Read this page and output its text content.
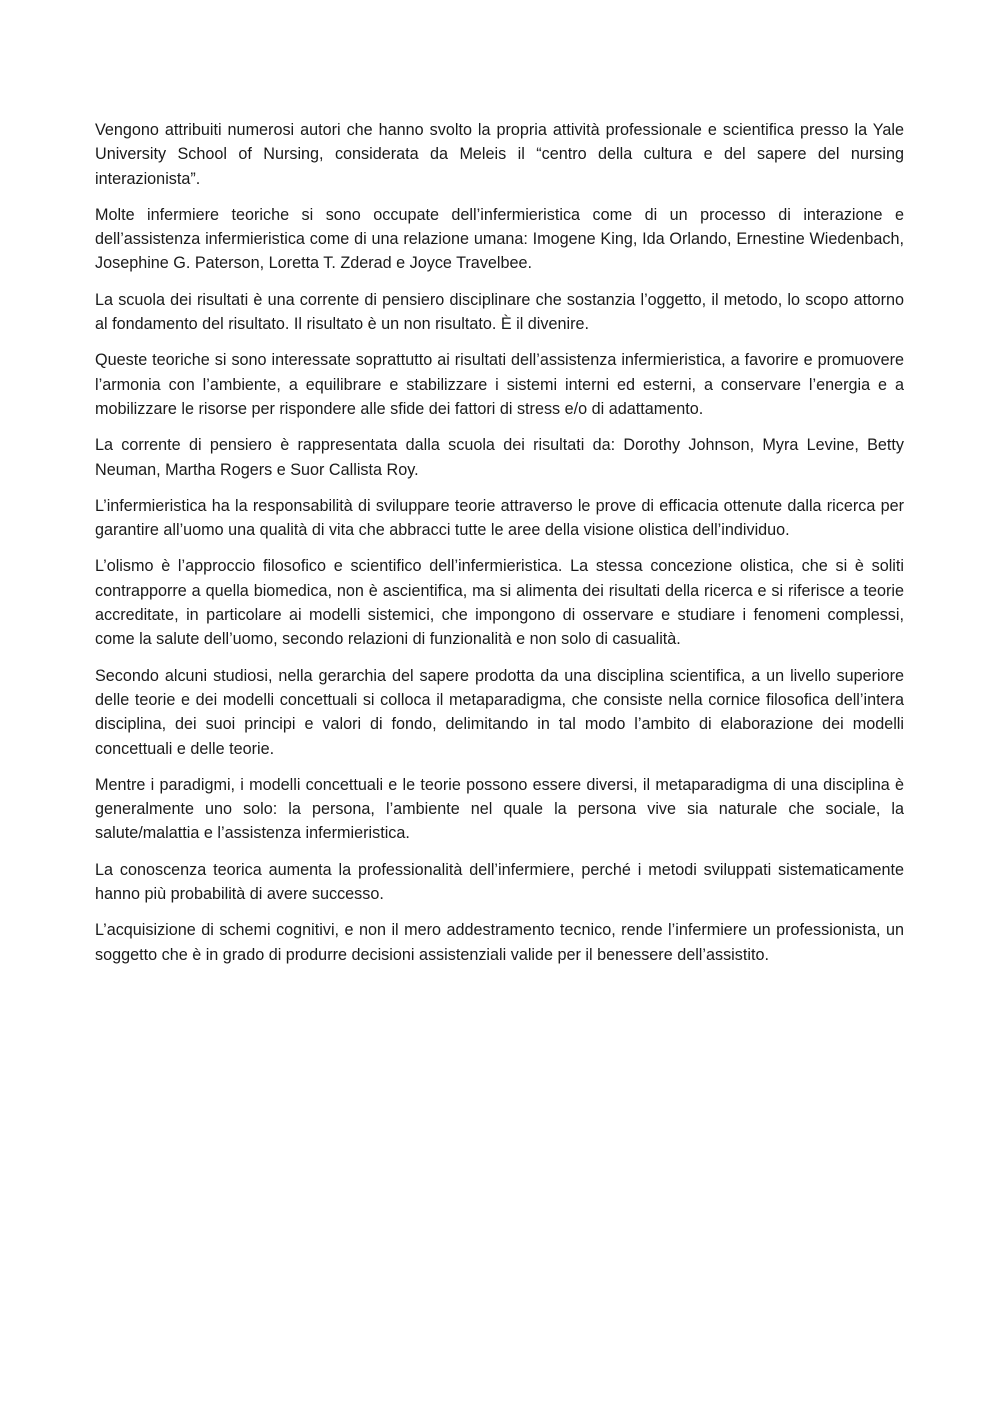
Vengono attribuiti numerosi autori che hanno svolto la propria attività professionale e scientifica presso la Yale University School of Nursing, considerata da Meleis il “centro della cultura e del sapere del nursing interazionista”.

Molte infermiere teoriche si sono occupate dell’infermieristica come di un processo di interazione e dell’assistenza infermieristica come di una relazione umana: Imogene King, Ida Orlando, Ernestine Wiedenbach, Josephine G. Paterson, Loretta T. Zderad e Joyce Travelbee.

La scuola dei risultati è una corrente di pensiero disciplinare che sostanzia l’oggetto, il metodo, lo scopo attorno al fondamento del risultato. Il risultato è un non risultato. È il divenire.

Queste teoriche si sono interessate soprattutto ai risultati dell’assistenza infermieristica, a favorire e promuovere l’armonia con l’ambiente, a equilibrare e stabilizzare i sistemi interni ed esterni, a conservare l’energia e a mobilizzare le risorse per rispondere alle sfide dei fattori di stress e/o di adattamento.

La corrente di pensiero è rappresentata dalla scuola dei risultati da: Dorothy Johnson, Myra Levine, Betty Neuman, Martha Rogers e Suor Callista Roy.

L’infermieristica ha la responsabilità di sviluppare teorie attraverso le prove di efficacia ottenute dalla ricerca per garantire all’uomo una qualità di vita che abbracci tutte le aree della visione olistica dell’individuo.

L’olismo è l’approccio filosofico e scientifico dell’infermieristica. La stessa concezione olistica, che si è soliti contrapporre a quella biomedica, non è ascientifica, ma si alimenta dei risultati della ricerca e si riferisce a teorie accreditate, in particolare ai modelli sistemici, che impongono di osservare e studiare i fenomeni complessi, come la salute dell’uomo, secondo relazioni di funzionalità e non solo di casualità.

Secondo alcuni studiosi, nella gerarchia del sapere prodotta da una disciplina scientifica, a un livello superiore delle teorie e dei modelli concettuali si colloca il metaparadigma, che consiste nella cornice filosofica dell’intera disciplina, dei suoi principi e valori di fondo, delimitando in tal modo l’ambito di elaborazione dei modelli concettuali e delle teorie.

Mentre i paradigmi, i modelli concettuali e le teorie possono essere diversi, il metaparadigma di una disciplina è generalmente uno solo: la persona, l’ambiente nel quale la persona vive sia naturale che sociale, la salute/malattia e l’assistenza infermieristica.

La conoscenza teorica aumenta la professionalità dell’infermiere, perché i metodi sviluppati sistematicamente hanno più probabilità di avere successo.

L’acquisizione di schemi cognitivi, e non il mero addestramento tecnico, rende l’infermiere un professionista, un soggetto che è in grado di produrre decisioni assistenziali valide per il benessere dell’assistito.
